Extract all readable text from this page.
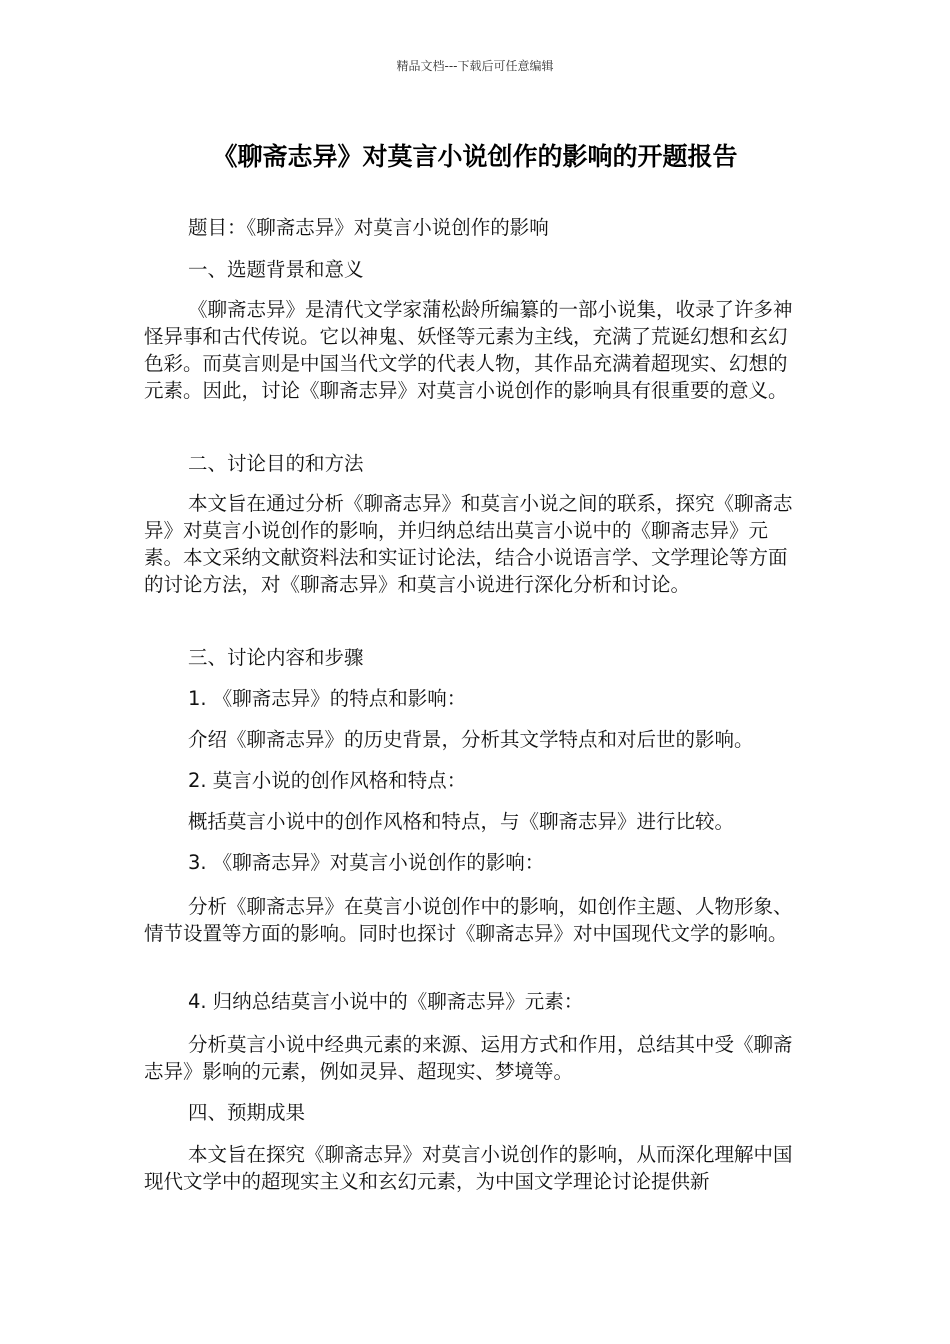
精品文档---下载后可任意编辑
《聊斋志异》对莫言小说创作的影响的开题报告

题目：《聊斋志异》对莫言小说创作的影响

一、选题背景和意义

《聊斋志异》是清代文学家蒲松龄所编纂的一部小说集，收录了许多神怪异事和古代传说。它以神鬼、妖怪等元素为主线，充满了荒诞幻想和玄幻色彩。而莫言则是中国当代文学的代表人物，其作品充满着超现实、幻想的元素。因此，讨论《聊斋志异》对莫言小说创作的影响具有很重要的意义。

二、讨论目的和方法

本文旨在通过分析《聊斋志异》和莫言小说之间的联系，探究《聊斋志异》对莫言小说创作的影响，并归纳总结出莫言小说中的《聊斋志异》元素。本文采纳文献资料法和实证讨论法，结合小说语言学、文学理论等方面的讨论方法，对《聊斋志异》和莫言小说进行深化分析和讨论。

三、讨论内容和步骤

1. 《聊斋志异》的特点和影响：

介绍《聊斋志异》的历史背景，分析其文学特点和对后世的影响。

2. 莫言小说的创作风格和特点：

概括莫言小说中的创作风格和特点，与《聊斋志异》进行比较。

3. 《聊斋志异》对莫言小说创作的影响：

分析《聊斋志异》在莫言小说创作中的影响，如创作主题、人物形象、情节设置等方面的影响。同时也探讨《聊斋志异》对中国现代文学的影响。

4. 归纳总结莫言小说中的《聊斋志异》元素：

分析莫言小说中经典元素的来源、运用方式和作用，总结其中受《聊斋志异》影响的元素，例如灵异、超现实、梦境等。

四、预期成果

本文旨在探究《聊斋志异》对莫言小说创作的影响，从而深化理解中国现代文学中的超现实主义和玄幻元素，为中国文学理论讨论提供新
